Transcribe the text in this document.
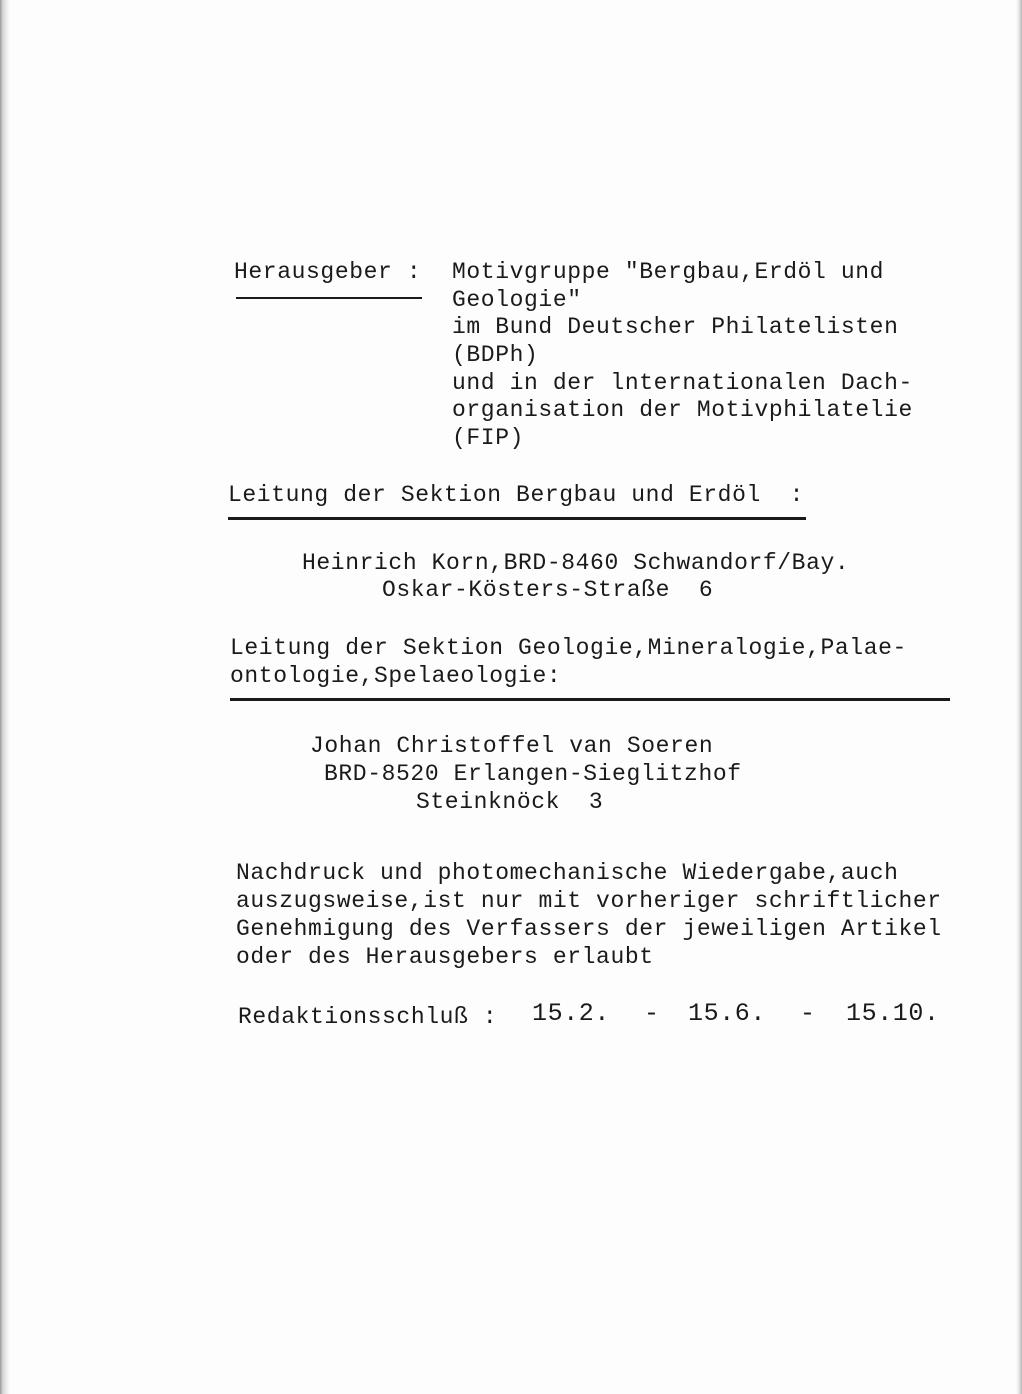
Herausgeber : Motivgruppe "Bergbau,Erdöl und
Geologie"
im Bund Deutscher Philatelisten
(BDPh)
und in der lnternationalen Dach-
organisation der Motivphilatelie
(FIP)
Leitung der Sektion Bergbau und Erdöl  :
Heinrich Korn,BRD-8460 Schwandorf/Bay.
Oskar-Kösters-Straße  6
Leitung der Sektion Geologie,Mineralogie,Palae-
ontologie,Spelaeologie:
Johan Christoffel van Soeren
BRD-8520 Erlangen-Sieglitzhof
Steinknöck  3
Nachdruck und photomechanische Wiedergabe,auch
auszugsweise,ist nur mit vorheriger schriftlicher
Genehmigung des Verfassers der jeweiligen Artikel
oder des Herausgebers erlaubt
Redaktionsschluß : 15.2. - 15.6. - 15.10.
